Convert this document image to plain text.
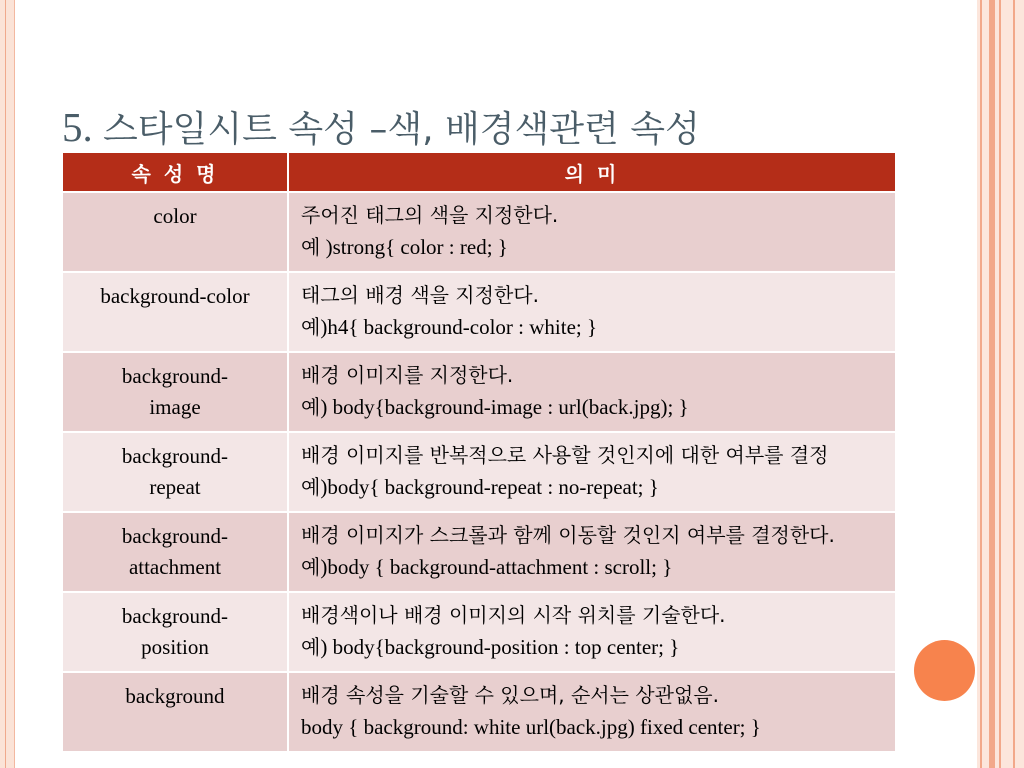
5. 스타일시트 속성 –색, 배경색관련 속성
속 성 명	의 미
color	주어진 태그의 색을 지정한다.
예 )strong{ color : red; }

background-color	태그의 배경 색을 지정한다.
예)h4{ background-color : white; }

background-image	배경 이미지를 지정한다.
예) body{background-image : url(back.jpg); }

background-repeat	배경 이미지를 반복적으로 사용할 것인지에 대한 여부를 결정
예)body{ background-repeat : no-repeat; }

background-attachment	배경 이미지가 스크롤과 함께 이동할 것인지 여부를 결정한다.
예)body { background-attachment : scroll; }

background-position	배경색이나 배경 이미지의 시작 위치를 기술한다.
예) body{background-position : top center; }

background	배경 속성을 기술할 수 있으며, 순서는 상관없음.
body { background: white url(back.jpg) fixed center; }
